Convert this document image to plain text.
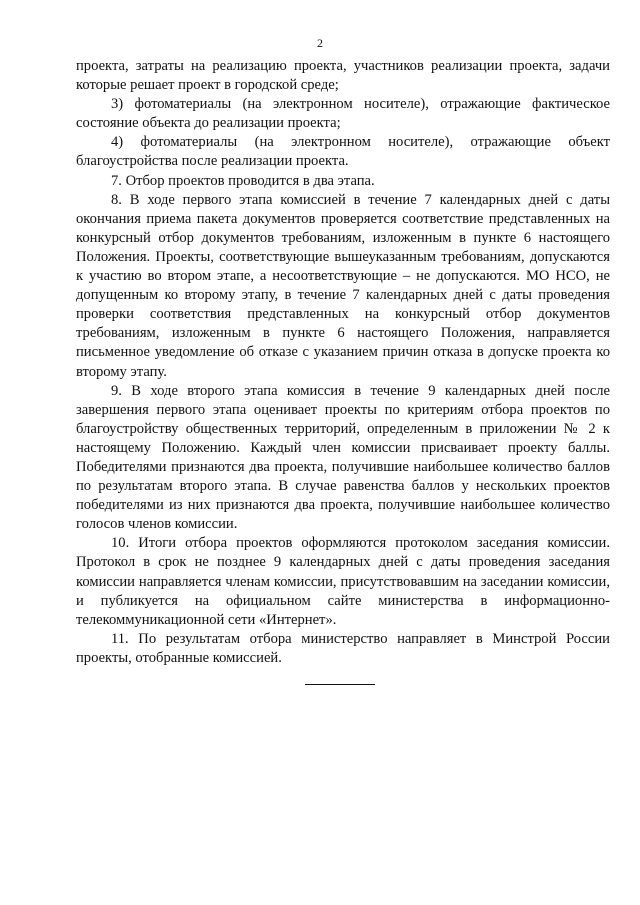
2

проекта, затраты на реализацию проекта, участников реализации проекта, задачи которые решает проект в городской среде;

3) фотоматериалы (на электронном носителе), отражающие фактическое состояние объекта до реализации проекта;

4) фотоматериалы (на электронном носителе), отражающие объект благоустройства после реализации проекта.

7. Отбор проектов проводится в два этапа.

8. В ходе первого этапа комиссией в течение 7 календарных дней с даты окончания приема пакета документов проверяется соответствие представленных на конкурсный отбор документов требованиям, изложенным в пункте 6 настоящего Положения. Проекты, соответствующие вышеуказанным требованиям, допускаются к участию во втором этапе, а несоответствующие – не допускаются. МО НСО, не допущенным ко второму этапу, в течение 7 календарных дней с даты проведения проверки соответствия представленных на конкурсный отбор документов требованиям, изложенным в пункте 6 настоящего Положения, направляется письменное уведомление об отказе с указанием причин отказа в допуске проекта ко второму этапу.

9. В ходе второго этапа комиссия в течение 9 календарных дней после завершения первого этапа оценивает проекты по критериям отбора проектов по благоустройству общественных территорий, определенным в приложении № 2 к настоящему Положению. Каждый член комиссии присваивает проекту баллы. Победителями признаются два проекта, получившие наибольшее количество баллов по результатам второго этапа. В случае равенства баллов у нескольких проектов победителями из них признаются два проекта, получившие наибольшее количество голосов членов комиссии.

10. Итоги отбора проектов оформляются протоколом заседания комиссии. Протокол в срок не позднее 9 календарных дней с даты проведения заседания комиссии направляется членам комиссии, присутствовавшим на заседании комиссии, и публикуется на официальном сайте министерства в информационно-телекоммуникационной сети «Интернет».

11. По результатам отбора министерство направляет в Минстрой России проекты, отобранные комиссией.
